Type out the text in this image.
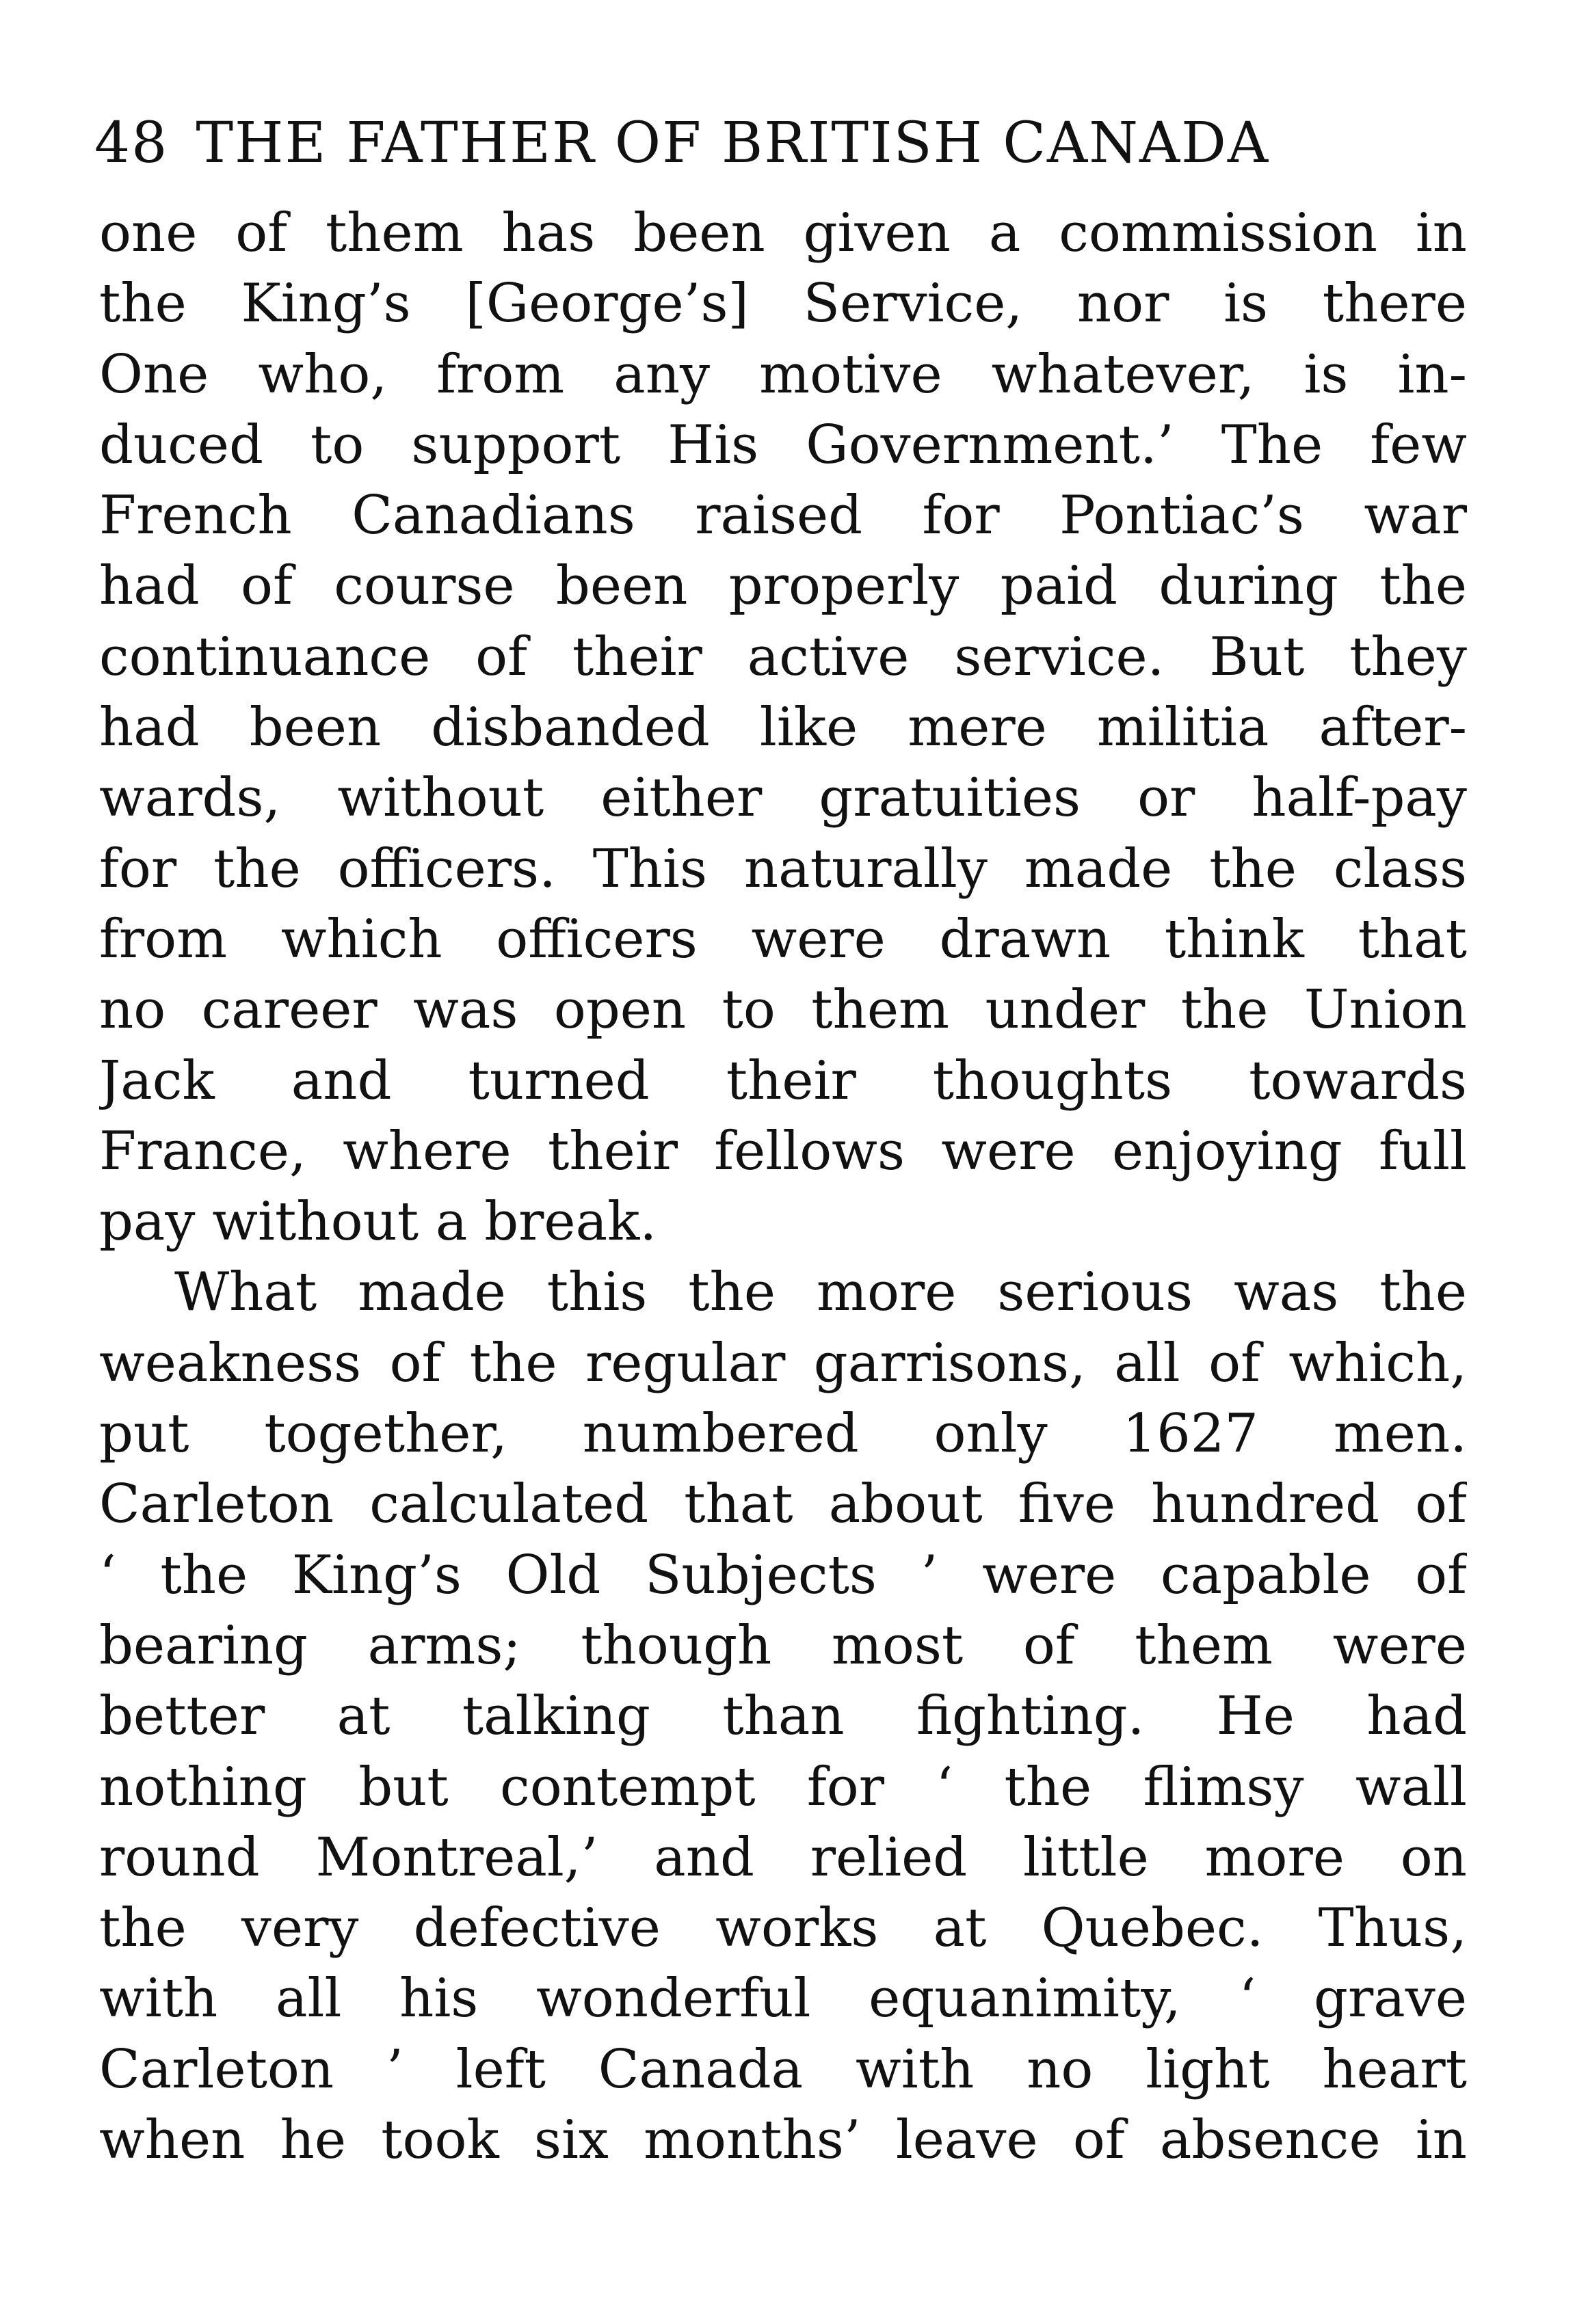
48 THE FATHER OF BRITISH CANADA
one of them has been given a commission in
the King’s [George’s] Service, nor is there
One who, from any motive whatever, is in-
duced to support His Government.’ The few
French Canadians raised for Pontiac’s war
had of course been properly paid during the
continuance of their active service. But they
had been disbanded like mere militia after-
wards, without either gratuities or half-pay
for the officers. This naturally made the class
from which officers were drawn think that
no career was open to them under the Union
Jack and turned their thoughts towards
France, where their fellows were enjoying full
pay without a break.
What made this the more serious was the
weakness of the regular garrisons, all of which,
put together, numbered only 1627 men.
Carleton calculated that about five hundred of
‘ the King’s Old Subjects ’ were capable of
bearing arms; though most of them were
better at talking than fighting. He had
nothing but contempt for ‘ the flimsy wall
round Montreal,’ and relied little more on
the very defective works at Quebec. Thus,
with all his wonderful equanimity, ‘ grave
Carleton ’ left Canada with no light heart
when he took six months’ leave of absence in
